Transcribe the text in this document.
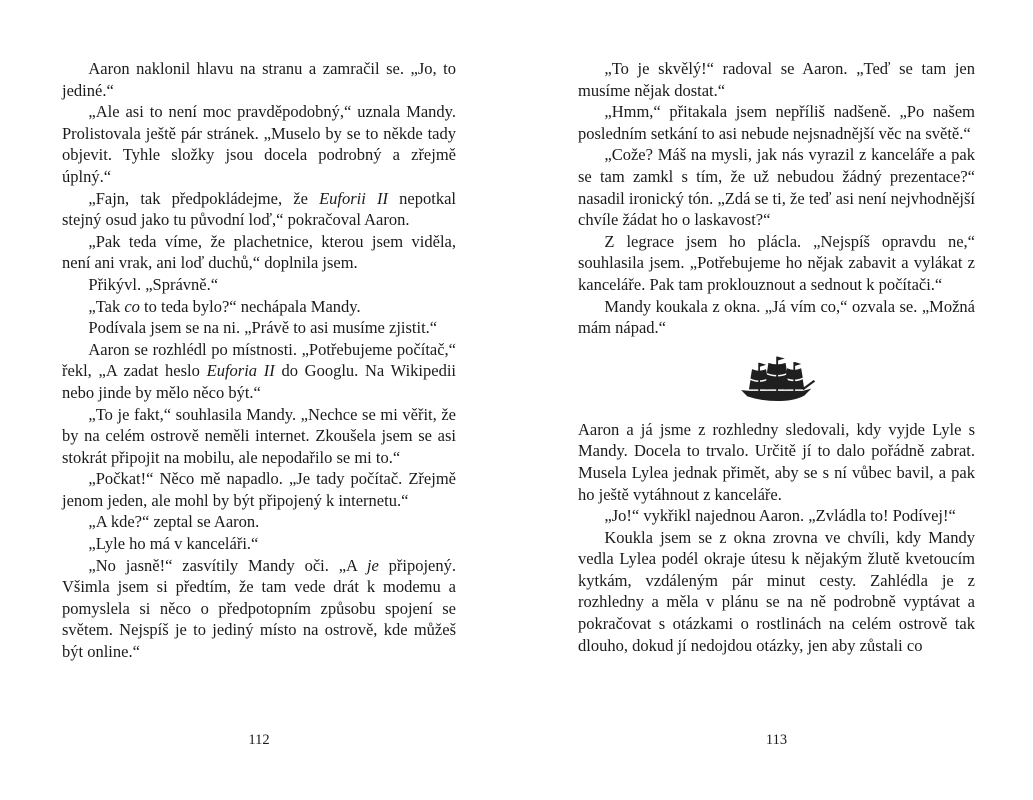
Aaron naklonil hlavu na stranu a zamračil se. „Jo, to jediné.“

„Ale asi to není moc pravděpodobný,“ uznala Mandy. Prolistovala ještě pár stránek. „Muselo by se to někde tady objevit. Tyhle složky jsou docela podrobný a zřejmě úplný.“

„Fajn, tak předpokládejme, že Euforii II nepotkal stejný osud jako tu původní loď,“ pokračoval Aaron.

„Pak teda víme, že plachetnice, kterou jsem viděla, není ani vrak, ani loď duchů,“ doplnila jsem.

Přikývl. „Správně.“

„Tak co to teda bylo?“ nechápala Mandy.

Podívala jsem se na ni. „Právě to asi musíme zjistit.“

Aaron se rozhlédl po místnosti. „Potřebujeme počítač,“ řekl, „A zadat heslo Euforia II do Googlu. Na Wikipedii nebo jinde by mělo něco být.“

„To je fakt,“ souhlasila Mandy. „Nechce se mi věřit, že by na celém ostrově neměli internet. Zkoušela jsem se asi stokrát připojit na mobilu, ale nepodařilo se mi to.“

„Počkat!“ Něco mě napadlo. „Je tady počítač. Zřejmě jenom jeden, ale mohl by být připojený k internetu.“

„A kde?“ zeptal se Aaron.

„Lyle ho má v kanceláři.“

„No jasně!“ zasvítily Mandy oči. „A je připojený. Všimla jsem si předtím, že tam vede drát k modemu a pomyslela si něco o předpotopním způsobu spojení se světem. Nejspíš je to jediný místo na ostrově, kde můžeš být online.“

112

„To je skvělý!“ radoval se Aaron. „Teď se tam jen musíme nějak dostat.“

„Hmm,“ přitakala jsem nepříliš nadšeně. „Po našem posledním setkání to asi nebude nejsnadnější věc na světě.“

„Cože? Máš na mysli, jak nás vyrazil z kanceláře a pak se tam zamkl s tím, že už nebudou žádný prezentace?“ nasadil ironický tón. „Zdá se ti, že teď asi není nejvhodnější chvíle žádat ho o laskavost?“

Z legrace jsem ho plácla. „Nejspíš opravdu ne,“ souhlasila jsem. „Potřebujeme ho nějak zabavit a vylákat z kanceláře. Pak tam proklouznout a sednout k počítači.“

Mandy koukala z okna. „Já vím co,“ ozvala se. „Možná mám nápad.“

Aaron a já jsme z rozhledny sledovali, kdy vyjde Lyle s Mandy. Docela to trvalo. Určitě jí to dalo pořádně zabrat. Musela Lylea jednak přimět, aby se s ní vůbec bavil, a pak ho ještě vytáhnout z kanceláře.

„Jo!“ vykřikl najednou Aaron. „Zvládla to! Podívej!“

Koukla jsem se z okna zrovna ve chvíli, kdy Mandy vedla Lylea podél okraje útesu k nějakým žlutě kvetoucím kytkám, vzdáleným pár minut cesty. Zahlédla je z rozhledny a měla v plánu se na ně podrobně vyptávat a pokračovat s otázkami o rostlinách na celém ostrově tak dlouho, dokud jí nedojdou otázky, jen aby zůstali co

113
